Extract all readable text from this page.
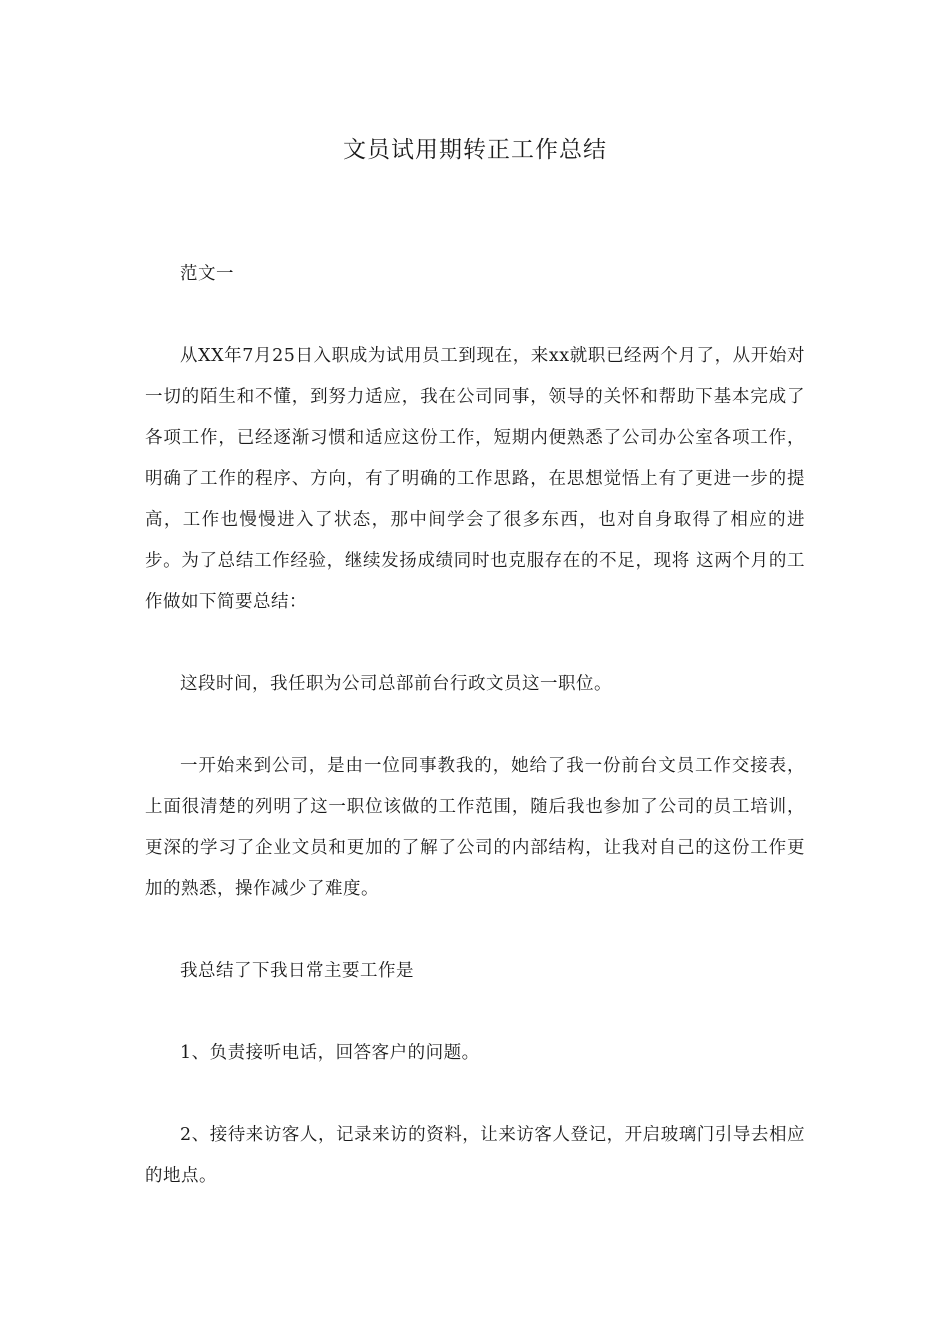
文员试用期转正工作总结

范文一

从XX年7月25日入职成为试用员工到现在，来xx就职已经两个月了，从开始对一切的陌生和不懂，到努力适应，我在公司同事，领导的关怀和帮助下基本完成了各项工作，已经逐渐习惯和适应这份工作，短期内便熟悉了公司办公室各项工作，明确了工作的程序、方向，有了明确的工作思路，在思想觉悟上有了更进一步的提高，工作也慢慢进入了状态，那中间学会了很多东西，也对自身取得了相应的进步。为了总结工作经验，继续发扬成绩同时也克服存在的不足，现将 这两个月的工作做如下简要总结：

这段时间，我任职为公司总部前台行政文员这一职位。

一开始来到公司，是由一位同事教我的，她给了我一份前台文员工作交接表，上面很清楚的列明了这一职位该做的工作范围，随后我也参加了公司的员工培训，更深的学习了企业文员和更加的了解了公司的内部结构，让我对自己的这份工作更加的熟悉，操作减少了难度。

我总结了下我日常主要工作是

1、负责接听电话，回答客户的问题。

2、接待来访客人，记录来访的资料，让来访客人登记，开启玻璃门引导去相应的地点。
